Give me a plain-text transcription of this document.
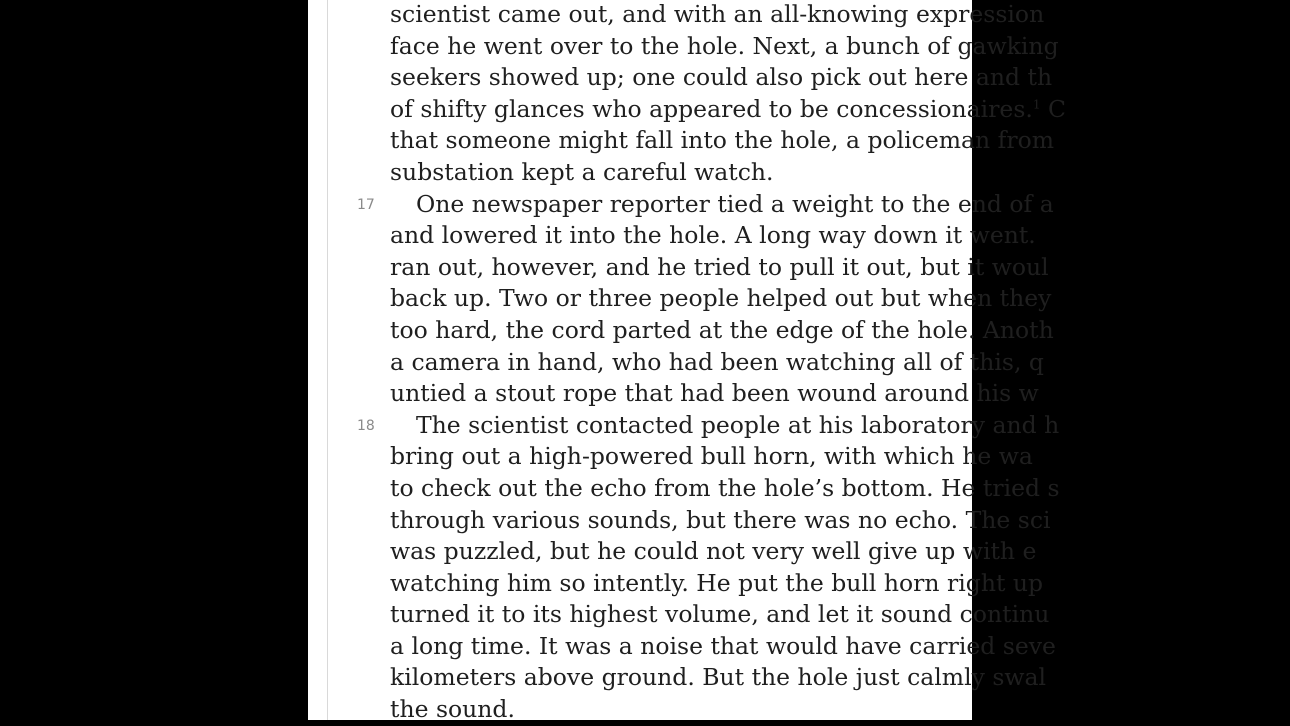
scientist came out, and with an all-knowing expression
face he went over to the hole. Next, a bunch of gawking
seekers showed up; one could also pick out here and th
of shifty glances who appeared to be concessionaires.$^1$ C
that someone might fall into the hole, a policeman from
substation kept a careful watch.
17 One newspaper reporter tied a weight to the end of a
and lowered it into the hole. A long way down it went.
ran out, however, and he tried to pull it out, but it woul
back up. Two or three people helped out but when they
too hard, the cord parted at the edge of the hole. Anoth
a camera in hand, who had been watching all of this, q
untied a stout rope that had been wound around his w
18 The scientist contacted people at his laboratory and h
bring out a high-powered bull horn, with which he wa
to check out the echo from the hole’s bottom. He tried s
through various sounds, but there was no echo. The sci
was puzzled, but he could not very well give up with e
watching him so intently. He put the bull horn right up
turned it to its highest volume, and let it sound continu
a long time. It was a noise that would have carried seve
kilometers above ground. But the hole just calmly swal
the sound.
